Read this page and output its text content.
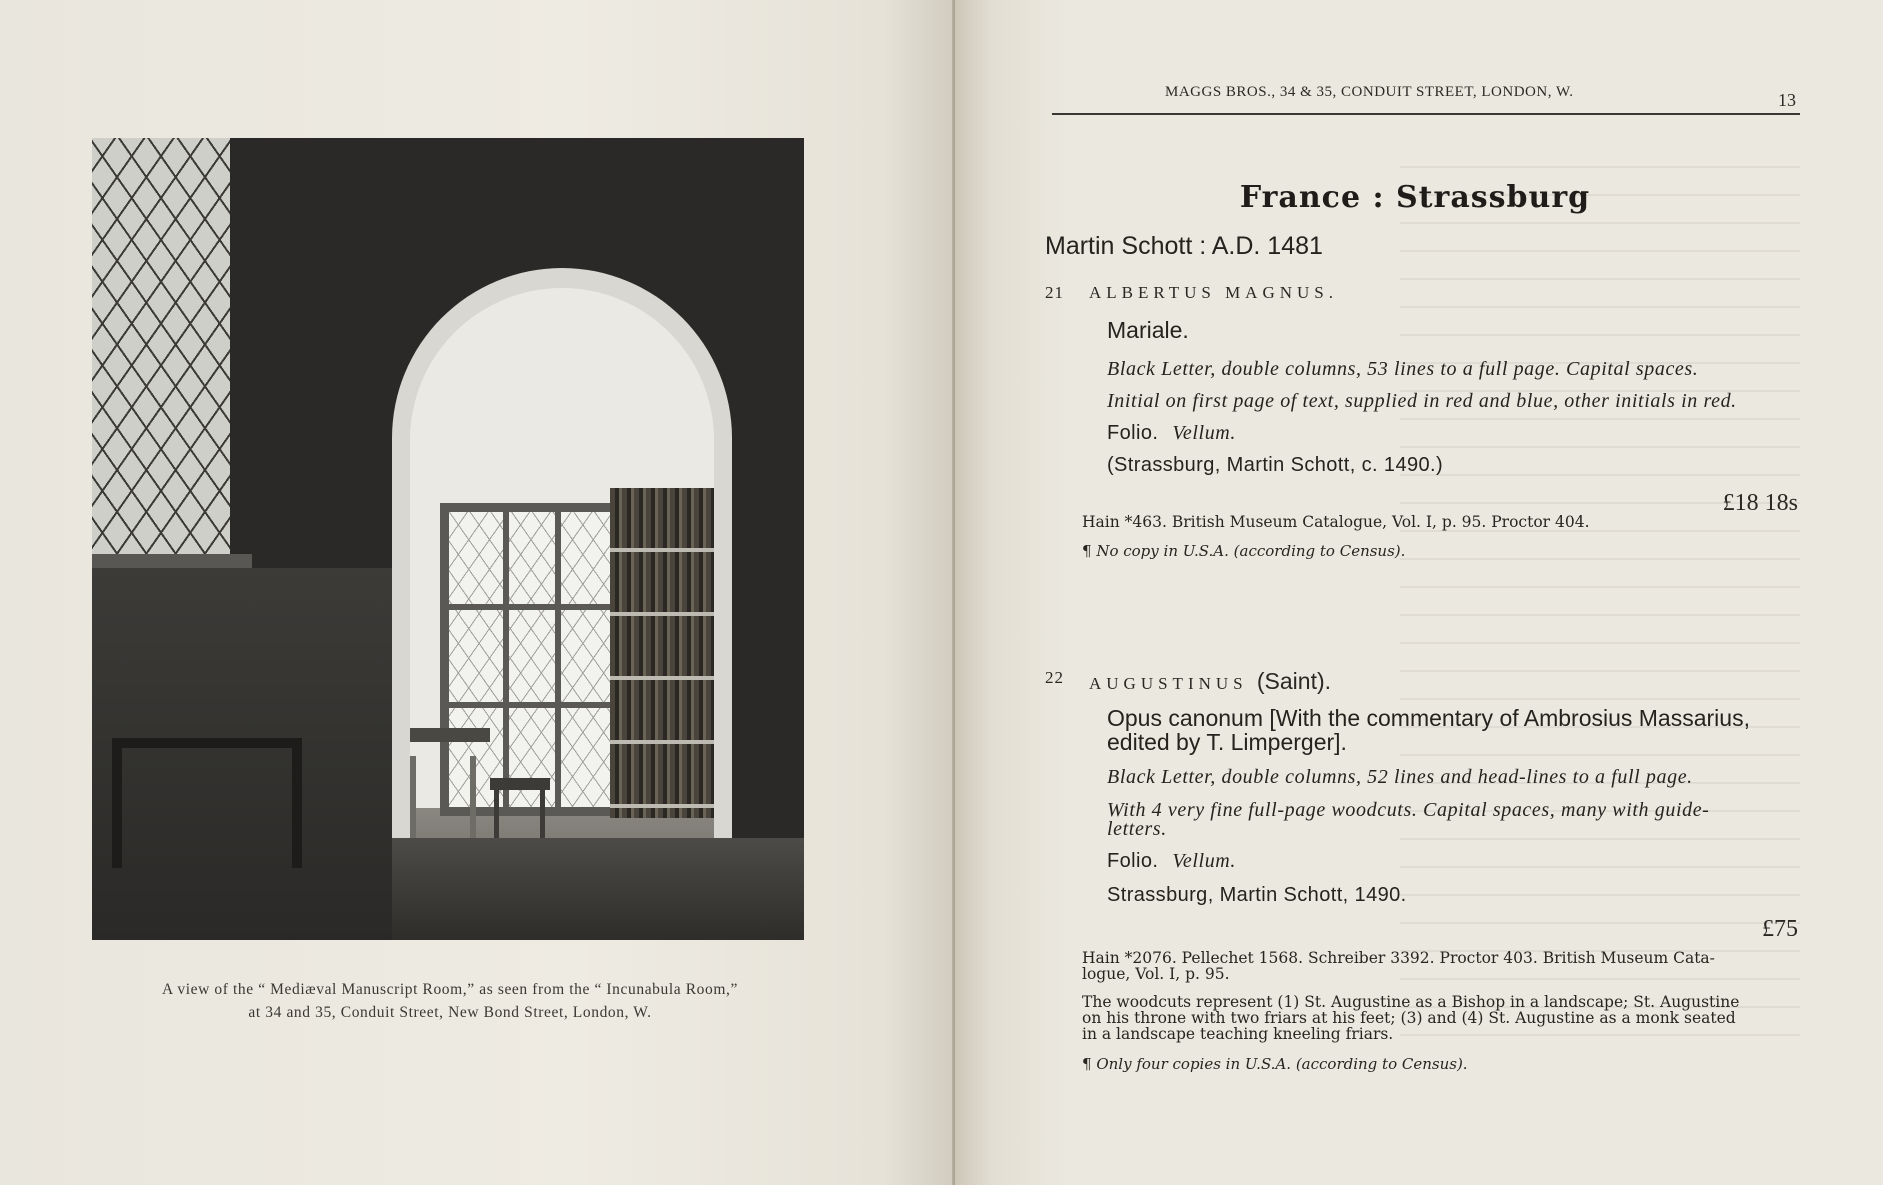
A view of the “ Mediæval Manuscript Room,” as seen from the “ Incunabula Room,”
at 34 and 35, Conduit Street, New Bond Street, London, W.
MAGGS BROS., 34 & 35, CONDUIT STREET, LONDON, W.	13
France : Strassburg
Martin Schott : A.D. 1481
21 ALBERTUS MAGNUS.
Mariale.
Black Letter, double columns, 53 lines to a full page. Capital spaces.
Initial on first page of text, supplied in red and blue, other initials in red.
Folio. Vellum.
(Strassburg, Martin Schott, c. 1490.)
£18 18s
Hain *463. British Museum Catalogue, Vol. I, p. 95. Proctor 404.
¶ No copy in U.S.A. (according to Census).
22 AUGUSTINUS (Saint).
Opus canonum [With the commentary of Ambrosius Massarius,
edited by T. Limperger].
Black Letter, double columns, 52 lines and head-lines to a full page.
With 4 very fine full-page woodcuts. Capital spaces, many with guide-
letters.
Folio. Vellum.
Strassburg, Martin Schott, 1490.
£75
Hain *2076. Pellechet 1568. Schreiber 3392. Proctor 403. British Museum Cata-
logue, Vol. I, p. 95.
The woodcuts represent (1) St. Augustine as a Bishop in a landscape; St. Augustine
on his throne with two friars at his feet; (3) and (4) St. Augustine as a monk seated
in a landscape teaching kneeling friars.
¶ Only four copies in U.S.A. (according to Census).
